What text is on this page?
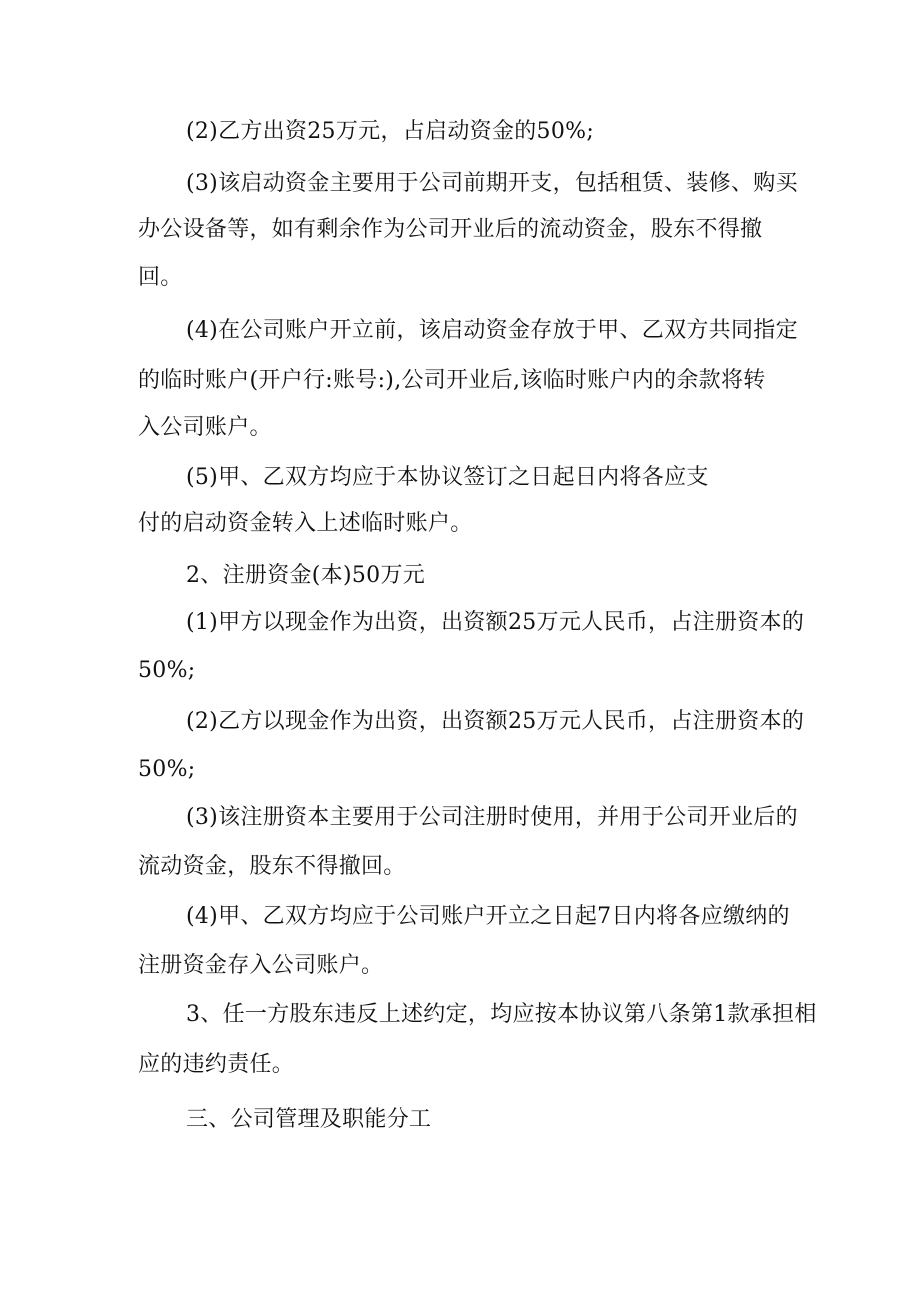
(2)乙方出资25万元，占启动资金的50%;
(3)该启动资金主要用于公司前期开支，包括租赁、装修、购买
办公设备等，如有剩余作为公司开业后的流动资金，股东不得撤
回。
(4)在公司账户开立前，该启动资金存放于甲、乙双方共同指定
的临时账户(开户行:账号:),公司开业后,该临时账户内的余款将转
入公司账户。
(5)甲、乙双方均应于本协议签订之日起日内将各应支
付的启动资金转入上述临时账户。
2、注册资金(本)50万元
(1)甲方以现金作为出资，出资额25万元人民币，占注册资本的
50%;
(2)乙方以现金作为出资，出资额25万元人民币，占注册资本的
50%;
(3)该注册资本主要用于公司注册时使用，并用于公司开业后的
流动资金，股东不得撤回。
(4)甲、乙双方均应于公司账户开立之日起7日内将各应缴纳的
注册资金存入公司账户。
3、任一方股东违反上述约定，均应按本协议第八条第1款承担相
应的违约责任。
三、公司管理及职能分工
